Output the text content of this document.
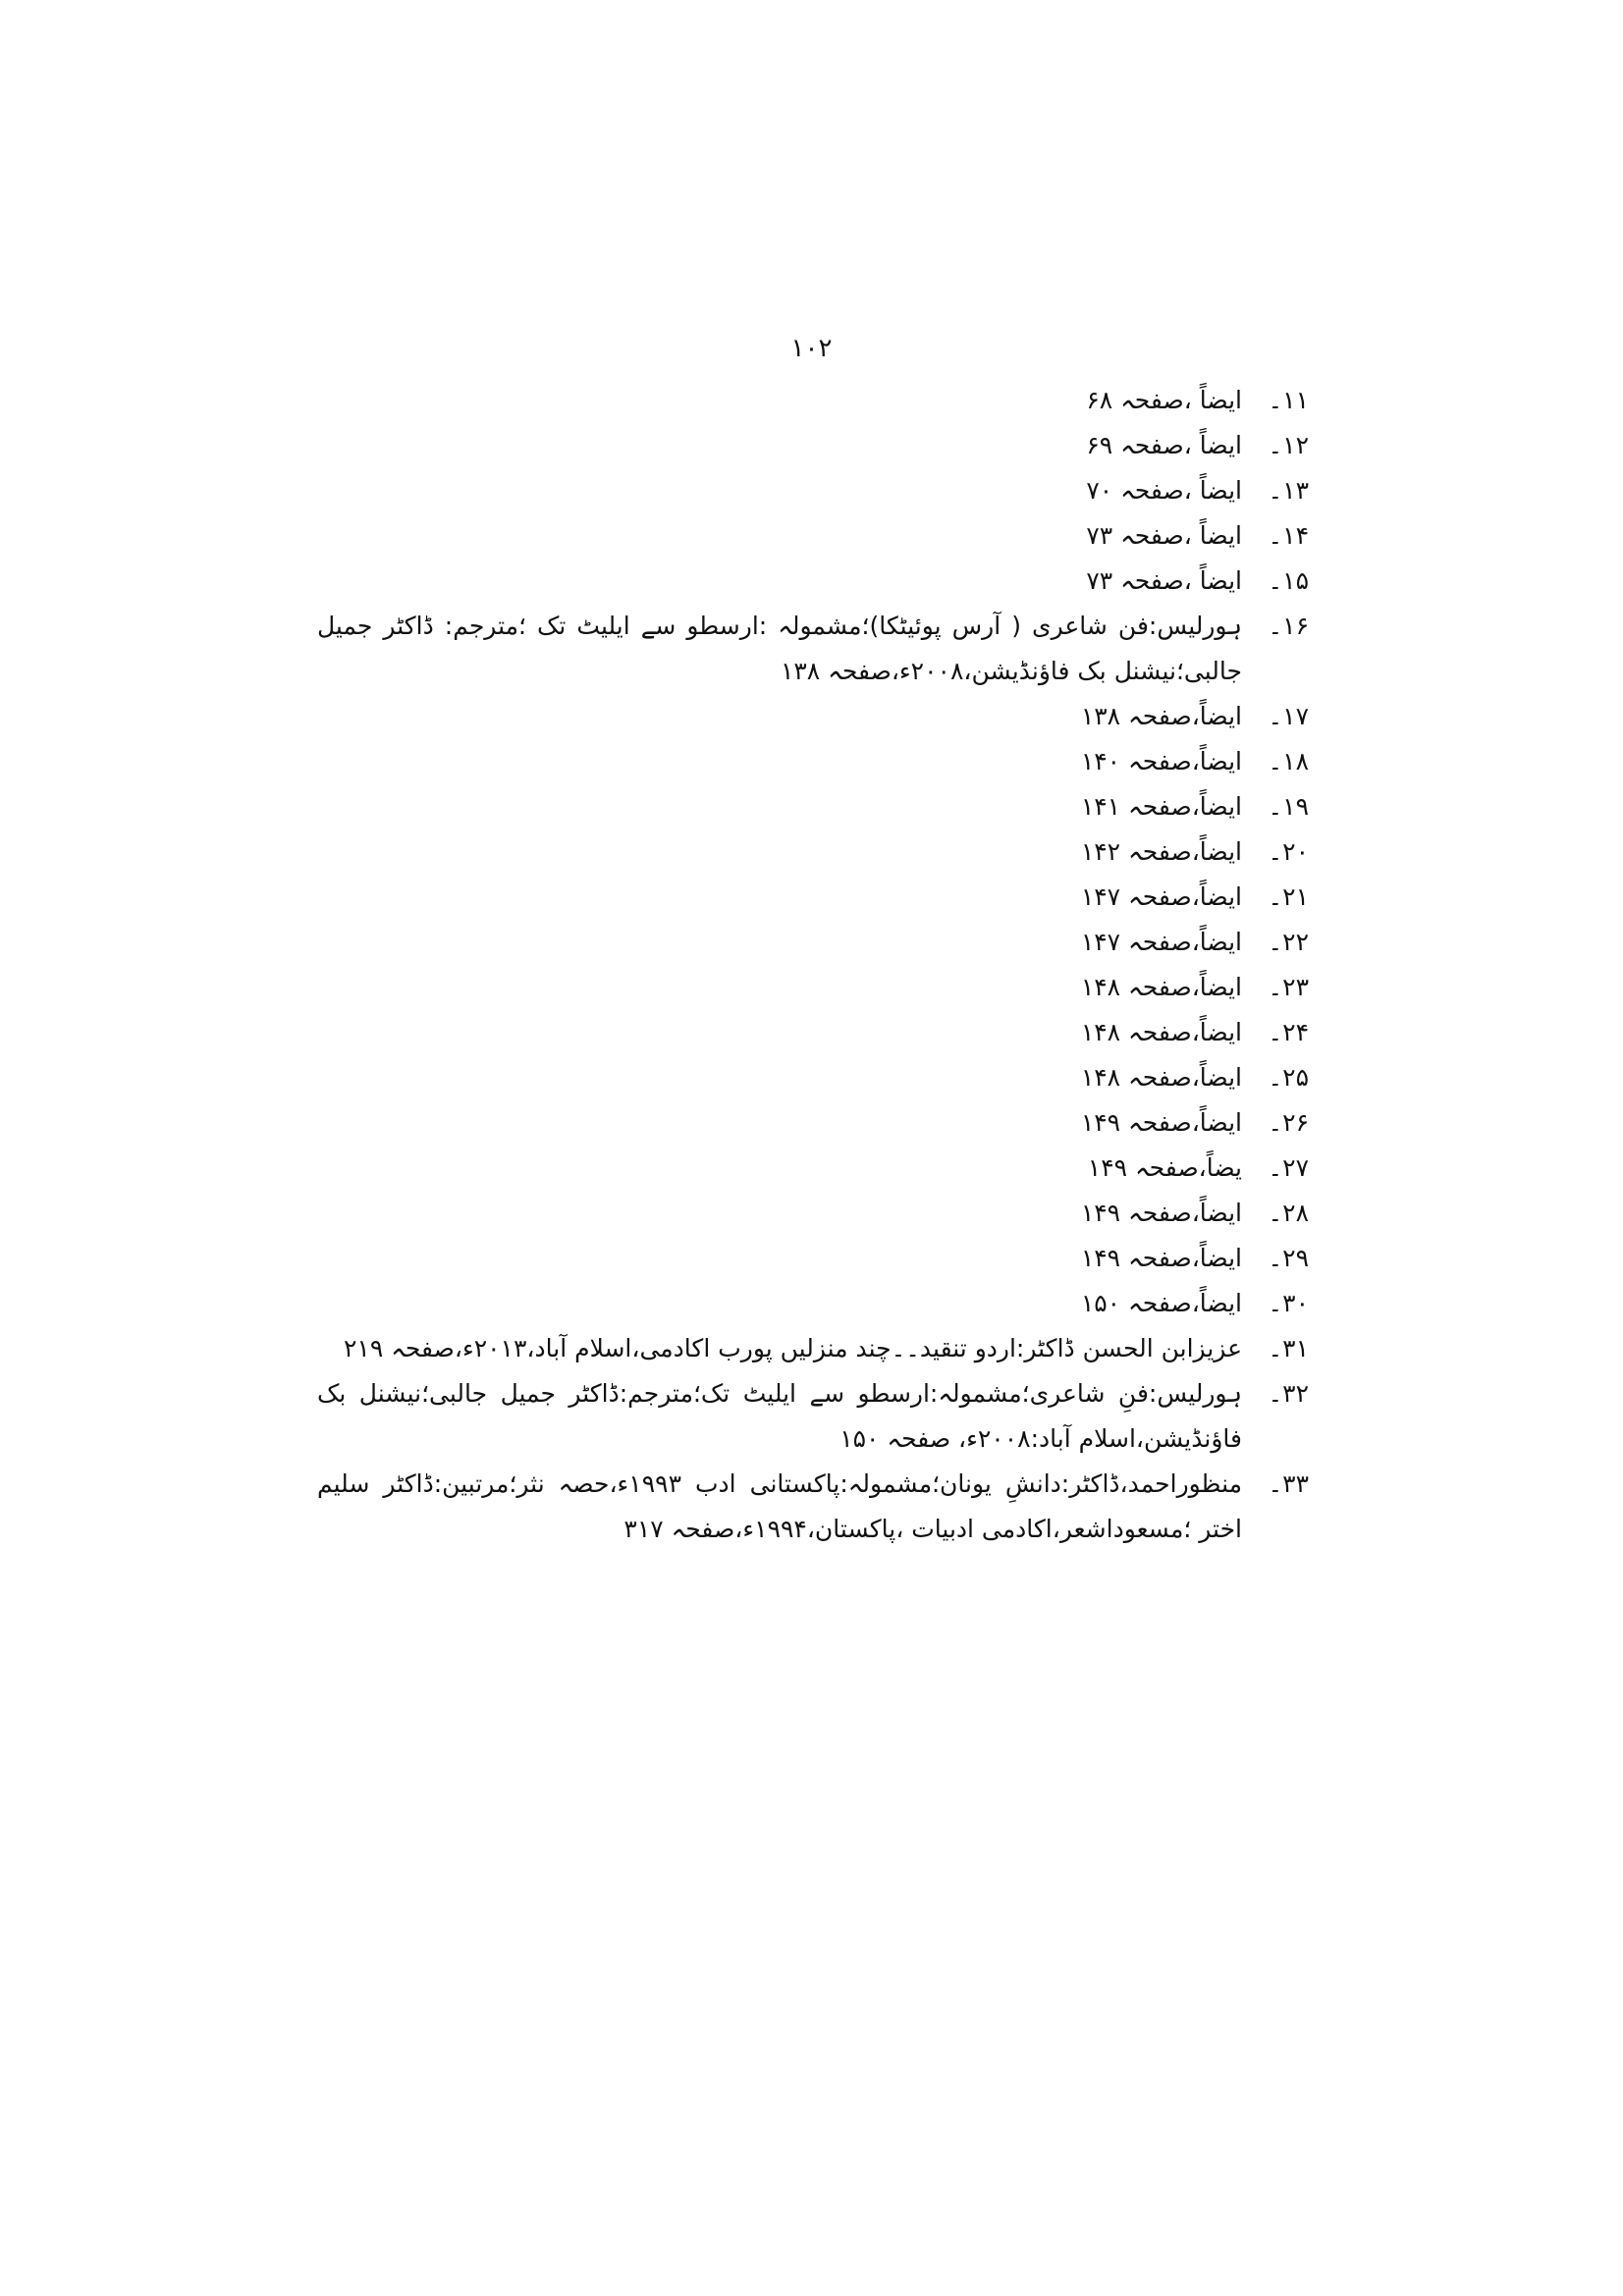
۱۰۲
۱۱۔
ایضاً ،صفحہ ۶۸
۱۲۔
ایضاً ،صفحہ ۶۹
۱۳۔
ایضاً ،صفحہ ۷۰
۱۴۔
ایضاً ،صفحہ ۷۳
۱۵۔
ایضاً ،صفحہ ۷۳
۱۶۔
ہورلیس:فن شاعری ( آرس پوئیٹکا)؛مشمولہ :ارسطو سے ایلیٹ تک ؛مترجم: ڈاکٹر جمیل جالبی؛نیشنل بک فاؤنڈیشن،۲۰۰۸ء،صفحہ ۱۳۸
۱۷۔
ایضاً،صفحہ ۱۳۸
۱۸۔
ایضاً،صفحہ ۱۴۰
۱۹۔
ایضاً،صفحہ ۱۴۱
۲۰۔
ایضاً،صفحہ ۱۴۲
۲۱۔
ایضاً،صفحہ ۱۴۷
۲۲۔
ایضاً،صفحہ ۱۴۷
۲۳۔
ایضاً،صفحہ ۱۴۸
۲۴۔
ایضاً،صفحہ ۱۴۸
۲۵۔
ایضاً،صفحہ ۱۴۸
۲۶۔
ایضاً،صفحہ ۱۴۹
۲۷۔
یضاً،صفحہ ۱۴۹
۲۸۔
ایضاً،صفحہ ۱۴۹
۲۹۔
ایضاً،صفحہ ۱۴۹
۳۰۔
ایضاً،صفحہ ۱۵۰
۳۱۔
عزیزابن الحسن ڈاکٹر:اردو تنقید۔۔چند منزلیں پورب اکادمی،اسلام آباد،۲۰۱۳ء،صفحہ ۲۱۹
۳۲۔
ہورلیس:فنِ شاعری؛مشمولہ:ارسطو سے ایلیٹ تک؛مترجم:ڈاکٹر جمیل جالبی؛نیشنل بک فاؤنڈیشن،اسلام آباد:۲۰۰۸ء، صفحہ ۱۵۰
۳۳۔
منظوراحمد،ڈاکٹر:دانشِ یونان؛مشمولہ:پاکستانی ادب ۱۹۹۳ء،حصہ نثر؛مرتبین:ڈاکٹر سلیم اختر ؛مسعوداشعر،اکادمی ادبیات ،پاکستان،۱۹۹۴ء،صفحہ ۳۱۷
